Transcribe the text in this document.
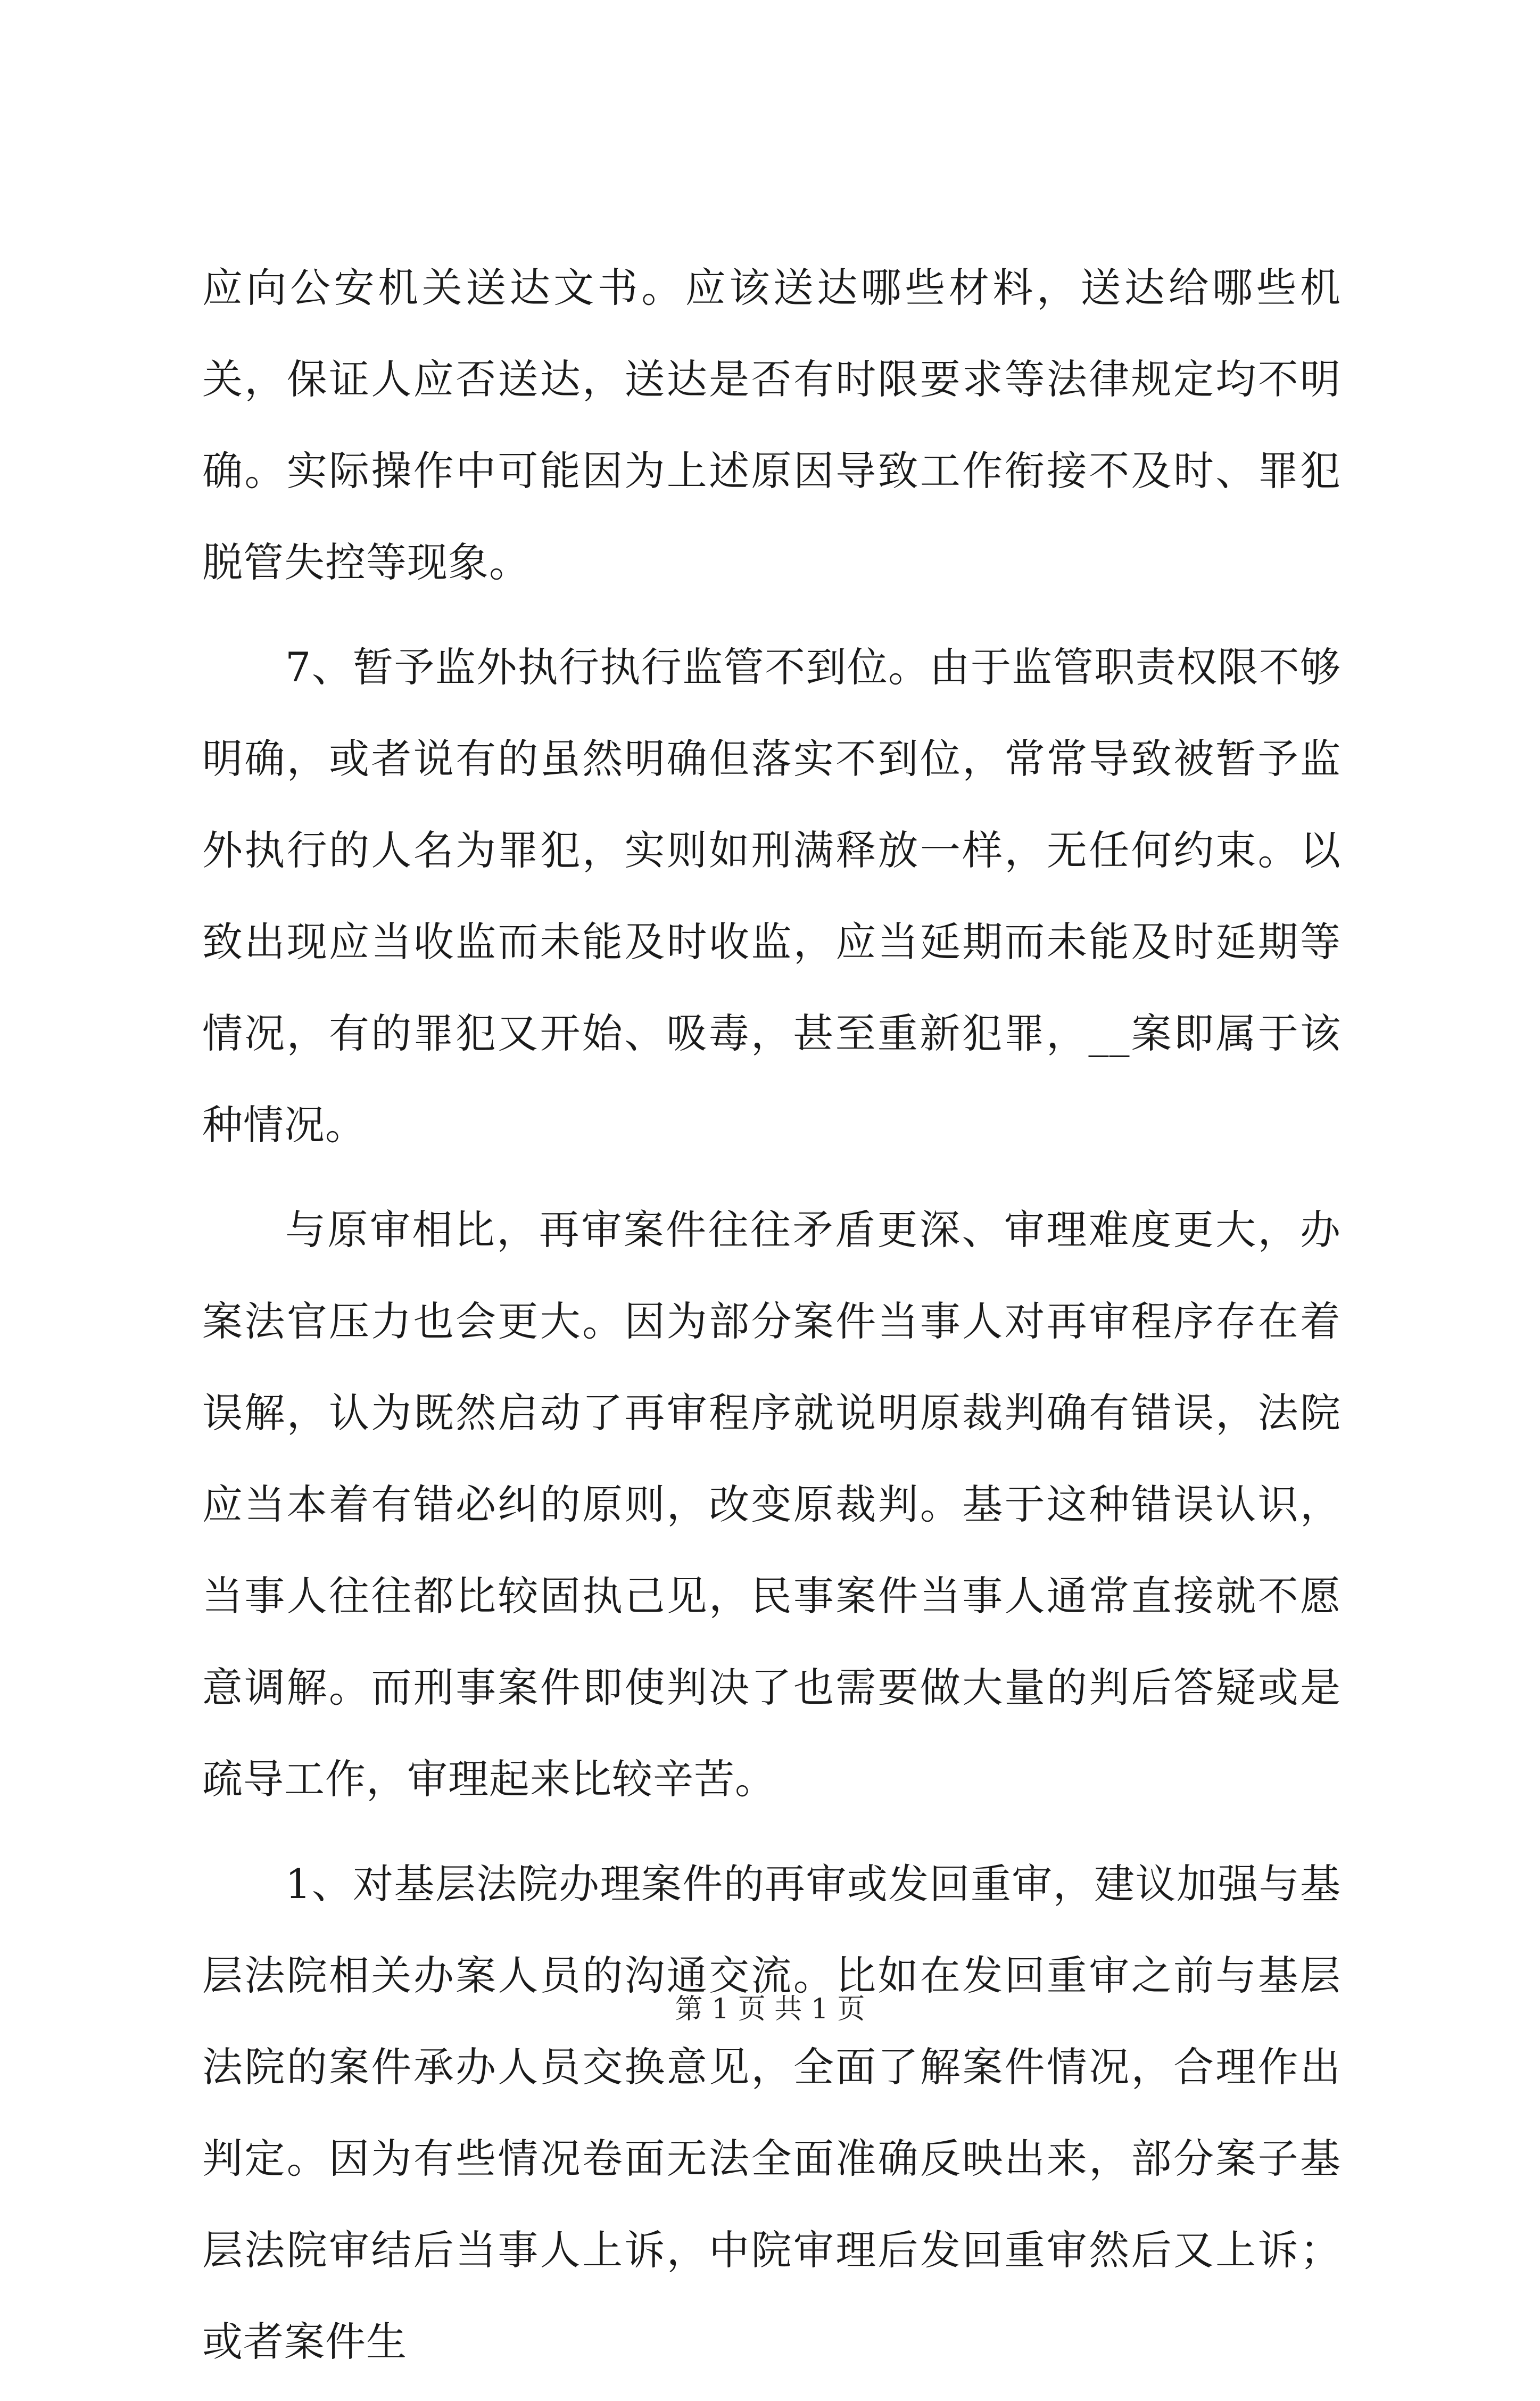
应向公安机关送达文书。应该送达哪些材料，送达给哪些机关，保证人应否送达，送达是否有时限要求等法律规定均不明确。实际操作中可能因为上述原因导致工作衔接不及时、罪犯脱管失控等现象。

7、暂予监外执行执行监管不到位。由于监管职责权限不够明确，或者说有的虽然明确但落实不到位，常常导致被暂予监外执行的人名为罪犯，实则如刑满释放一样，无任何约束。以致出现应当收监而未能及时收监，应当延期而未能及时延期等情况，有的罪犯又开始、吸毒，甚至重新犯罪，__案即属于该种情况。

与原审相比，再审案件往往矛盾更深、审理难度更大，办案法官压力也会更大。因为部分案件当事人对再审程序存在着误解，认为既然启动了再审程序就说明原裁判确有错误，法院应当本着有错必纠的原则，改变原裁判。基于这种错误认识，当事人往往都比较固执己见，民事案件当事人通常直接就不愿意调解。而刑事案件即使判决了也需要做大量的判后答疑或是疏导工作，审理起来比较辛苦。

1、对基层法院办理案件的再审或发回重审，建议加强与基层法院相关办案人员的沟通交流。比如在发回重审之前与基层法院的案件承办人员交换意见，全面了解案件情况，合理作出判定。因为有些情况卷面无法全面准确反映出来，部分案子基层法院审结后当事人上诉，中院审理后发回重审然后又上诉；或者案件生

第 1 页 共 1 页
